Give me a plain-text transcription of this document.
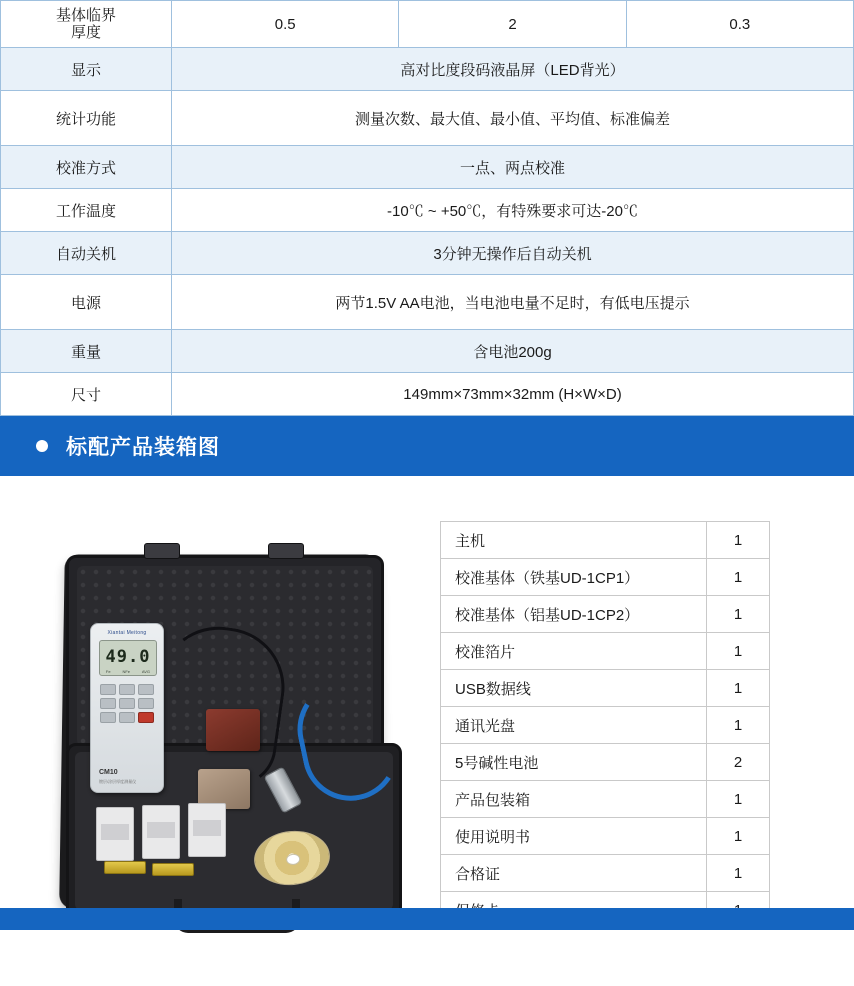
基体临界
厚度	0.5	2	0.3
显示	高对比度段码液晶屏（LED背光）		
统计功能	测量次数、最大值、最小值、平均值、标准偏差		
校准方式	一点、两点校准		
工作温度	-10℃ ~ +50℃，有特殊要求可达-20℃		
自动关机	3分钟无操作后自动关机		
电源	两节1.5V AA电池，当电池电量不足时，有低电压提示		
重量	含电池200g		
尺寸	149mm×73mm×32mm (H×W×D)		
标配产品装箱图
Xiantai Meitong
49.0
Fe	NFe	AVG
CM10
镀层/涂层厚度测量仪
主机	1
校准基体（铁基UD-1CP1）	1
校准基体（铝基UD-1CP2）	1
校准箔片	1
USB数据线	1
通讯光盘	1
5号碱性电池	2
产品包装箱	1
使用说明书	1
合格证	1
